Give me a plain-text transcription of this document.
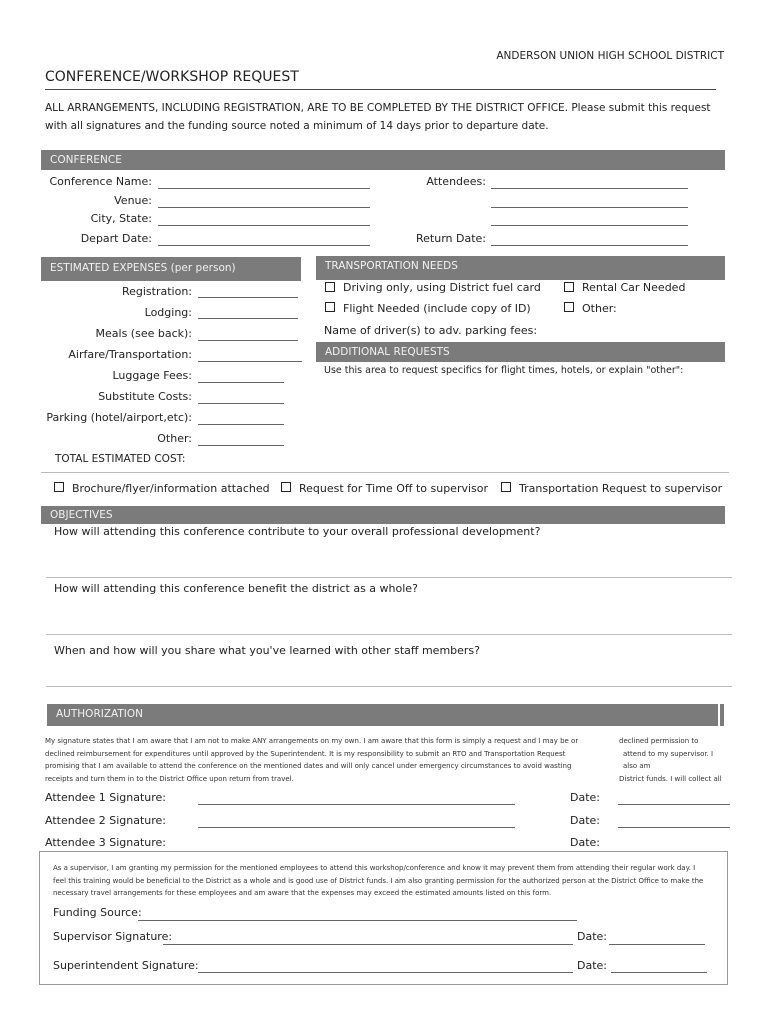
ANDERSON UNION HIGH SCHOOL DISTRICT
CONFERENCE/WORKSHOP REQUEST
ALL ARRANGEMENTS, INCLUDING REGISTRATION, ARE TO BE COMPLETED BY THE DISTRICT OFFICE. Please submit this request
with all signatures and the funding source noted a minimum of 14 days prior to departure date.
CONFERENCE
Conference Name:
Venue:
City, State:
Depart Date:
Attendees:
Return Date:
ESTIMATED EXPENSES (per person)
Registration:
Lodging:
Meals (see back):
Airfare/Transportation:
Luggage Fees:
Substitute Costs:
Parking (hotel/airport,etc):
Other:
TOTAL ESTIMATED COST:
TRANSPORTATION NEEDS
Driving only, using District fuel card	Rental Car Needed
Flight Needed (include copy of ID)	Other:
Name of driver(s) to adv. parking fees:
ADDITIONAL REQUESTS
Use this area to request specifics for flight times, hotels, or explain "other":
Brochure/flyer/information attached	Request for Time Off to supervisor	Transportation Request to supervisor
OBJECTIVES
How will attending this conference contribute to your overall professional development?
How will attending this conference benefit the district as a whole?
When and how will you share what you've learned with other staff members?
AUTHORIZATION
My signature states that I am aware that I am not to make ANY arrangements on my own. I am aware that this form is simply a request and I may be or
declined reimbursement for expenditures until approved by the Superintendent. It is my responsibility to submit an RTO and Transportation Request
promising that I am available to attend the conference on the mentioned dates and will only cancel under emergency circumstances to avoid wasting
receipts and turn them in to the District Office upon return from travel.
declined permission to
attend to my supervisor. I
also am
District funds. I will collect all
Attendee 1 Signature:	Date:
Attendee 2 Signature:	Date:
Attendee 3 Signature:	Date:
As a supervisor, I am granting my permission for the mentioned employees to attend this workshop/conference and know it may prevent them from attending their regular work day. I
feel this training would be beneficial to the District as a whole and is good use of District funds. I am also granting permission for the authorized person at the District Office to make the
necessary travel arrangements for these employees and am aware that the expenses may exceed the estimated amounts listed on this form.
Funding Source:
Supervisor Signature:	Date:
Superintendent Signature:	Date:
